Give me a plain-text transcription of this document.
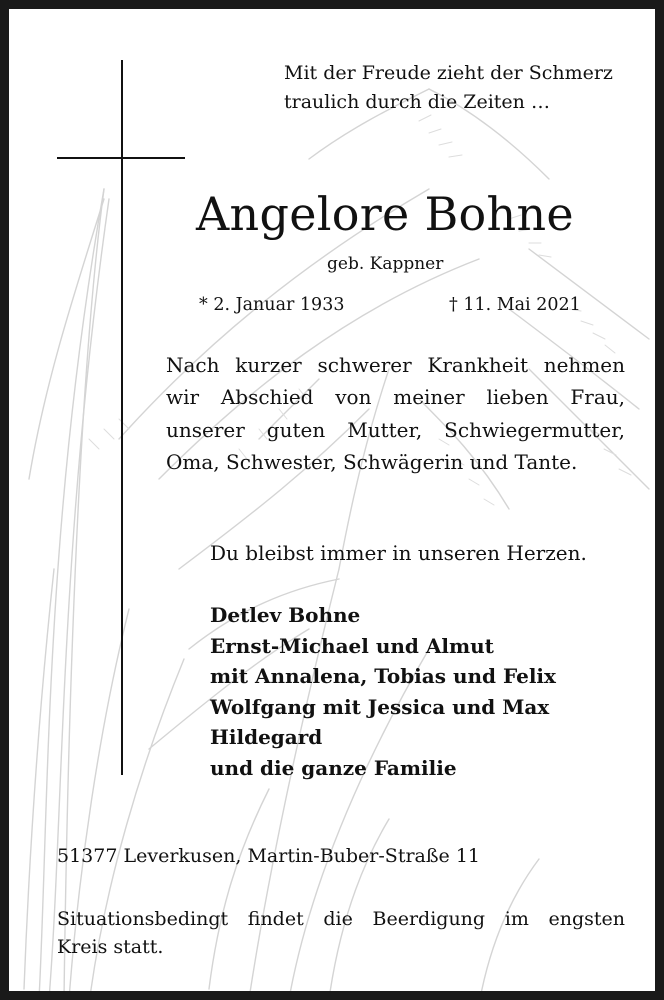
Mit der Freude zieht der Schmerz
traulich durch die Zeiten …
Angelore Bohne
geb. Kappner
* 2. Januar 1933	† 11. Mai 2021
Nach kurzer schwerer Krankheit nehmen
wir Abschied von meiner lieben Frau,
unserer guten Mutter, Schwiegermutter,
Oma, Schwester, Schwägerin und Tante.
Du bleibst immer in unseren Herzen.
Detlev Bohne
Ernst-Michael und Almut
mit Annalena, Tobias und Felix
Wolfgang mit Jessica und Max
Hildegard
und die ganze Familie
51377 Leverkusen, Martin-Buber-Straße 11
Situationsbedingt findet die Beerdigung im engsten
Kreis statt.
